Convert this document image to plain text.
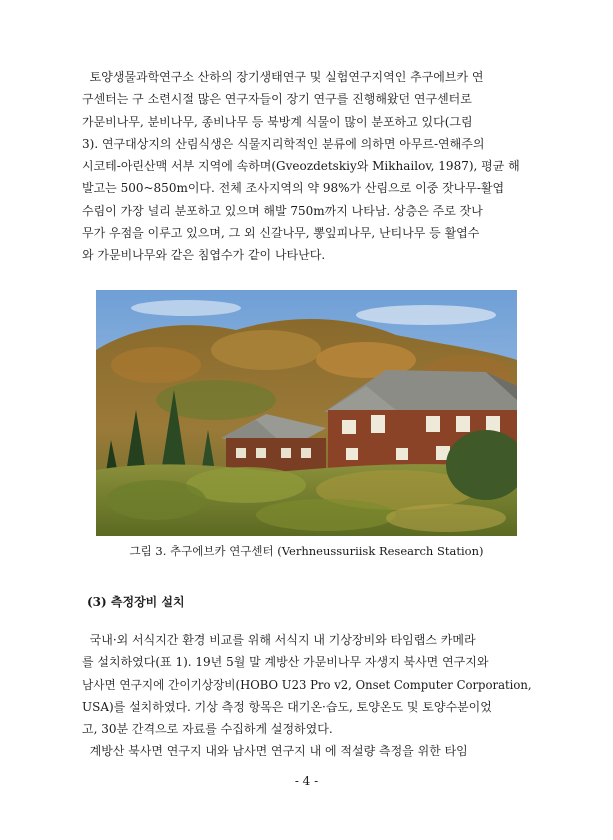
토양생물과학연구소 산하의 장기생태연구 및 실험연구지역인 추구에브카 연
구센터는 구 소련시절 많은 연구자들이 장기 연구를 진행해왔던 연구센터로
가문비나무, 분비나무, 종비나무 등 북방계 식물이 많이 분포하고 있다(그림
3). 연구대상지의 산림식생은 식물지리학적인 분류에 의하면 아무르-연해주의
시코테-아린산맥 서부 지역에 속하며(Gveozdetskiy와 Mikhailov, 1987), 평균 해
발고는 500~850m이다. 전체 조사지역의 약 98%가 산림으로 이중 잣나무-활엽
수림이 가장 널리 분포하고 있으며 해발 750m까지 나타남. 상층은 주로 잣나
무가 우점을 이루고 있으며, 그 외 신갈나무, 뽕잎피나무, 난티나무 등 활엽수
와 가문비나무와 같은 침엽수가 같이 나타난다.

그림 3. 추구에브카 연구센터 (Verhneussuriisk Research Station)

(3) 측정장비 설치

국내·외 서식지간 환경 비교를 위해 서식지 내 기상장비와 타임랩스 카메라
를 설치하였다(표 1). 19년 5월 말 계방산 가문비나무 자생지 북사면 연구지와
남사면 연구지에 간이기상장비(HOBO U23 Pro v2, Onset Computer Corporation,
USA)를 설치하였다. 기상 측정 항목은 대기온·습도, 토양온도 및 토양수분이었
고, 30분 간격으로 자료를 수집하게 설정하였다.
계방산 북사면 연구지 내와 남사면 연구지 내 에 적설량 측정을 위한 타임

- 4 -
